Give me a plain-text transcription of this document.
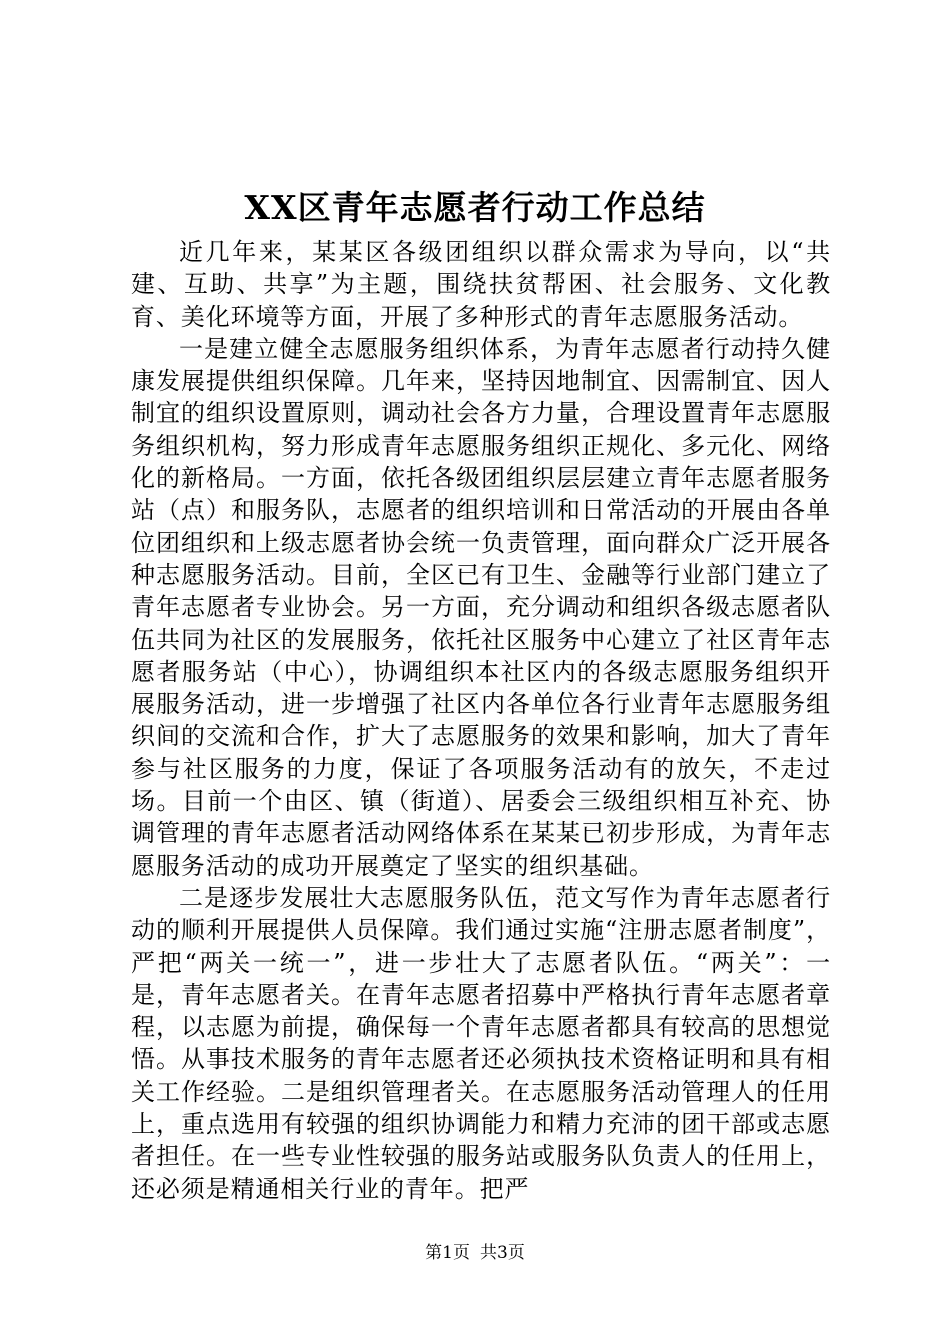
XX区青年志愿者行动工作总结

近几年来，某某区各级团组织以群众需求为导向，以“共建、互助、共享”为主题，围绕扶贫帮困、社会服务、文化教育、美化环境等方面，开展了多种形式的青年志愿服务活动。

一是建立健全志愿服务组织体系，为青年志愿者行动持久健康发展提供组织保障。几年来，坚持因地制宜、因需制宜、因人制宜的组织设置原则，调动社会各方力量，合理设置青年志愿服务组织机构，努力形成青年志愿服务组织正规化、多元化、网络化的新格局。一方面，依托各级团组织层层建立青年志愿者服务站（点）和服务队，志愿者的组织培训和日常活动的开展由各单位团组织和上级志愿者协会统一负责管理，面向群众广泛开展各种志愿服务活动。目前，全区已有卫生、金融等行业部门建立了青年志愿者专业协会。另一方面，充分调动和组织各级志愿者队伍共同为社区的发展服务，依托社区服务中心建立了社区青年志愿者服务站（中心），协调组织本社区内的各级志愿服务组织开展服务活动，进一步增强了社区内各单位各行业青年志愿服务组织间的交流和合作，扩大了志愿服务的效果和影响，加大了青年参与社区服务的力度，保证了各项服务活动有的放矢，不走过场。目前一个由区、镇（街道）、居委会三级组织相互补充、协调管理的青年志愿者活动网络体系在某某已初步形成，为青年志愿服务活动的成功开展奠定了坚实的组织基础。

二是逐步发展壮大志愿服务队伍，范文写作为青年志愿者行动的顺利开展提供人员保障。我们通过实施“注册志愿者制度”，严把“两关一统一”，进一步壮大了志愿者队伍。“两关”：一是，青年志愿者关。在青年志愿者招募中严格执行青年志愿者章程，以志愿为前提，确保每一个青年志愿者都具有较高的思想觉悟。从事技术服务的青年志愿者还必须执技术资格证明和具有相关工作经验。二是组织管理者关。在志愿服务活动管理人的任用上，重点选用有较强的组织协调能力和精力充沛的团干部或志愿者担任。在一些专业性较强的服务站或服务队负责人的任用上，还必须是精通相关行业的青年。把严

第1页 共3页
